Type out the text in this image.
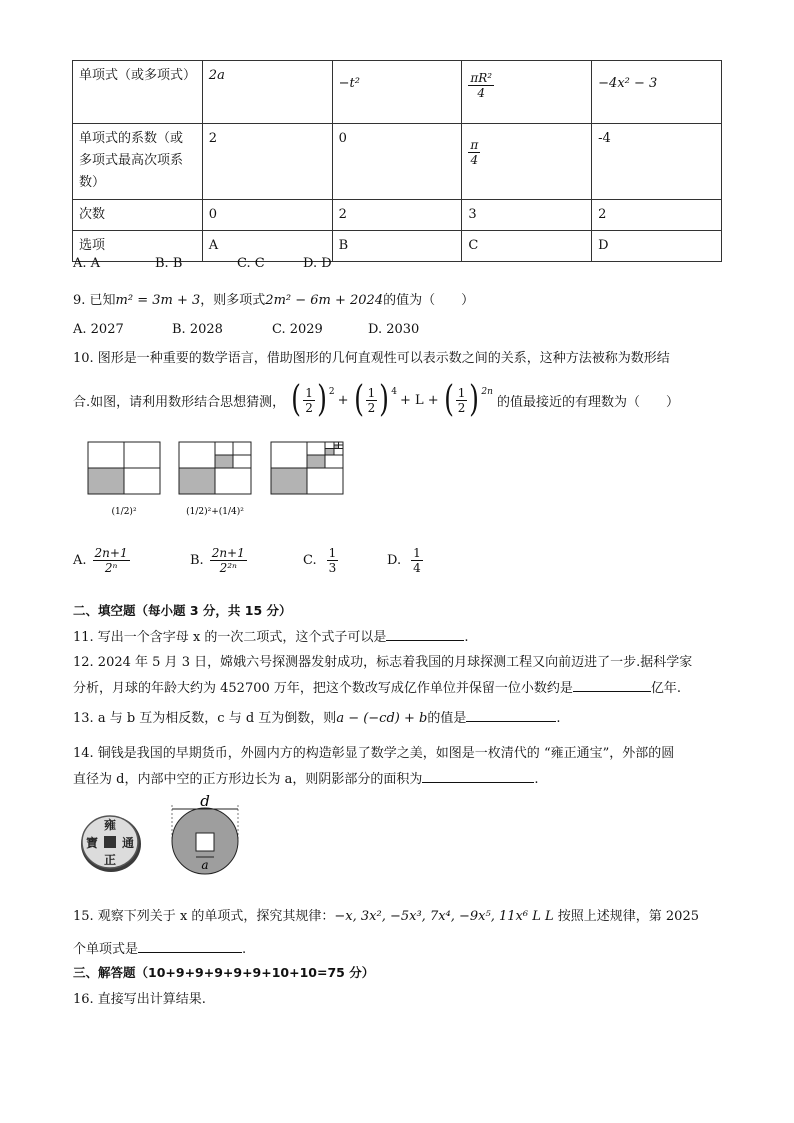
单项式（或多项式）	2a	−t²	$\frac{\text{πR²}}{4}$	−4x² − 3
单项式的系数（或多项式最高次项系数）	2	0	$\frac{\pi}{4}$	-4
次数	0	2	3	2
选项	A	B	C	D
A. A	B. B	C. C	D. D
9. 已知m² = 3m + 3，则多项式2m² − 6m + 2024的值为（　　）
A. 2027	B. 2028	C. 2029	D. 2030
10. 图形是一种重要的数学语言，借助图形的几何直观性可以表示数之间的关系，这种方法被称为数形结
合.如图，请利用数形结合思想猜测， ( $\frac{1}{2} )^2$
+ ( $\frac{1}{2} )^4$
+ L + ( $\frac{1}{2} )^{2n}$
的值最接近的有理数为（　　）
(1/2)²	(1/2)²+(1/4)²
A. $\frac{2n+1}{\text{2ⁿ}}$	B. $\frac{2n+1}{\text{2²ⁿ}}$	C. $\frac{1}{3}$	D. $\frac{1}{4}$
二、填空题（每小题 3 分，共 15 分）
11. 写出一个含字母 x 的一次二项式，这个式子可以是	.
12. 2024 年 5 月 3 日，嫦娥六号探测器发射成功，标志着我国的月球探测工程又向前迈进了一步.据科学家
分析，月球的年龄大约为 452700 万年，把这个数改写成亿作单位并保留一位小数约是	亿年.
13. a 与 b 互为相反数，c 与 d 互为倒数，则a − (−cd) + b的值是	.
14. 铜钱是我国的早期货币，外圆内方的构造彰显了数学之美，如图是一枚清代的 “雍正通宝”，外部的圆
直径为 d，内部中空的正方形边长为 a，则阴影部分的面积为	.
雍
正
通
寶
d
a
15. 观察下列关于 x 的单项式，探究其规律：−x, 3x², −5x³, 7x⁴, −9x⁵, 11x⁶ L L 按照上述规律，第 2025
个单项式是	.
三、解答题（10+9+9+9+9+9+10+10=75 分）
16. 直接写出计算结果.
